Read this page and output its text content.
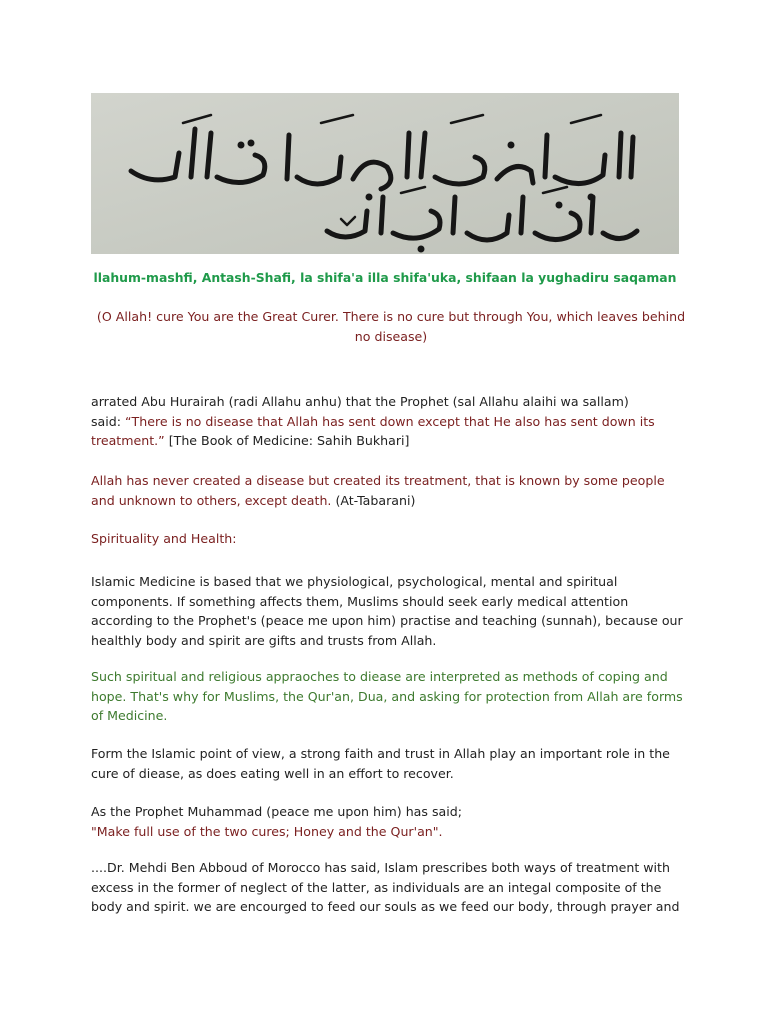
llahum-mashfi, Antash-Shafi, la shifa'a illa shifa'uka, shifaan la yughadiru saqaman

(O Allah! cure You are the Great Curer. There is no cure but through You, which leaves behind
no disease)

arrated Abu Hurairah (radi Allahu anhu) that the Prophet (sal Allahu alaihi wa sallam)
said: “There is no disease that Allah has sent down except that He also has sent down its
treatment.” [The Book of Medicine: Sahih Bukhari]

Allah has never created a disease but created its treatment, that is known by some people
and unknown to others, except death. (At-Tabarani)

Spirituality and Health:

Islamic Medicine is based that we physiological, psychological, mental and spiritual
components. If something affects them, Muslims should seek early medical attention
according to the Prophet's (peace me upon him) practise and teaching (sunnah), because our
healthly body and spirit are gifts and trusts from Allah.

Such spiritual and religious appraoches to diease are interpreted as methods of coping and
hope. That's why for Muslims, the Qur'an, Dua, and asking for protection from Allah are forms
of Medicine.

Form the Islamic point of view, a strong faith and trust in Allah play an important role in the
cure of diease, as does eating well in an effort to recover.

As the Prophet Muhammad (peace me upon him) has said;
"Make full use of the two cures; Honey and the Qur'an".

....Dr. Mehdi Ben Abboud of Morocco has said, Islam prescribes both ways of treatment with
excess in the former of neglect of the latter, as individuals are an integal composite of the
body and spirit. we are encourged to feed our souls as we feed our body, through prayer and
